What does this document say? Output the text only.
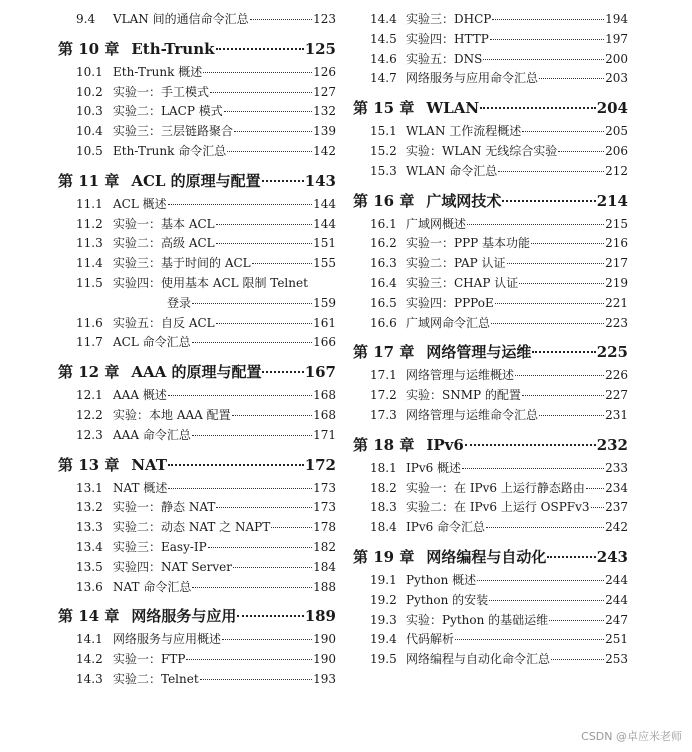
9.4	VLAN 间的通信命令汇总	123
第 10 章 Eth-Trunk	125
10.1 Eth-Trunk 概述	126
10.2 实验一：手工模式	127
10.3 实验二：LACP 模式	132
10.4 实验三：三层链路聚合	139
10.5 Eth-Trunk 命令汇总	142
第 11 章 ACL 的原理与配置	143
11.1 ACL 概述	144
11.2 实验一：基本 ACL	144
11.3 实验二：高级 ACL	151
11.4 实验三：基于时间的 ACL	155
11.5 实验四：使用基本 ACL 限制 Telnet
登录	159
11.6 实验五：自反 ACL	161
11.7 ACL 命令汇总	166
第 12 章 AAA 的原理与配置	167
12.1 AAA 概述	168
12.2 实验：本地 AAA 配置	168
12.3 AAA 命令汇总	171
第 13 章 NAT	172
13.1 NAT 概述	173
13.2 实验一：静态 NAT	173
13.3 实验二：动态 NAT 之 NAPT	178
13.4 实验三：Easy-IP	182
13.5 实验四：NAT Server	184
13.6 NAT 命令汇总	188
第 14 章 网络服务与应用	189
14.1 网络服务与应用概述	190
14.2 实验一：FTP	190
14.3 实验二：Telnet	193
14.4 实验三：DHCP	194
14.5 实验四：HTTP	197
14.6 实验五：DNS	200
14.7 网络服务与应用命令汇总	203
第 15 章 WLAN	204
15.1 WLAN 工作流程概述	205
15.2 实验：WLAN 无线综合实验	206
15.3 WLAN 命令汇总	212
第 16 章 广域网技术	214
16.1 广域网概述	215
16.2 实验一：PPP 基本功能	216
16.3 实验二：PAP 认证	217
16.4 实验三：CHAP 认证	219
16.5 实验四：PPPoE	221
16.6 广域网命令汇总	223
第 17 章 网络管理与运维	225
17.1 网络管理与运维概述	226
17.2 实验：SNMP 的配置	227
17.3 网络管理与运维命令汇总	231
第 18 章 IPv6	232
18.1 IPv6 概述	233
18.2 实验一：在 IPv6 上运行静态路由 234
18.3 实验二：在 IPv6 上运行 OSPFv3 237
18.4 IPv6 命令汇总	242
第 19 章 网络编程与自动化	243
19.1 Python 概述	244
19.2 Python 的安装	244
19.3 实验：Python 的基础运维	247
19.4 代码解析	251
19.5 网络编程与自动化命令汇总	253
CSDN @卓应米老师
